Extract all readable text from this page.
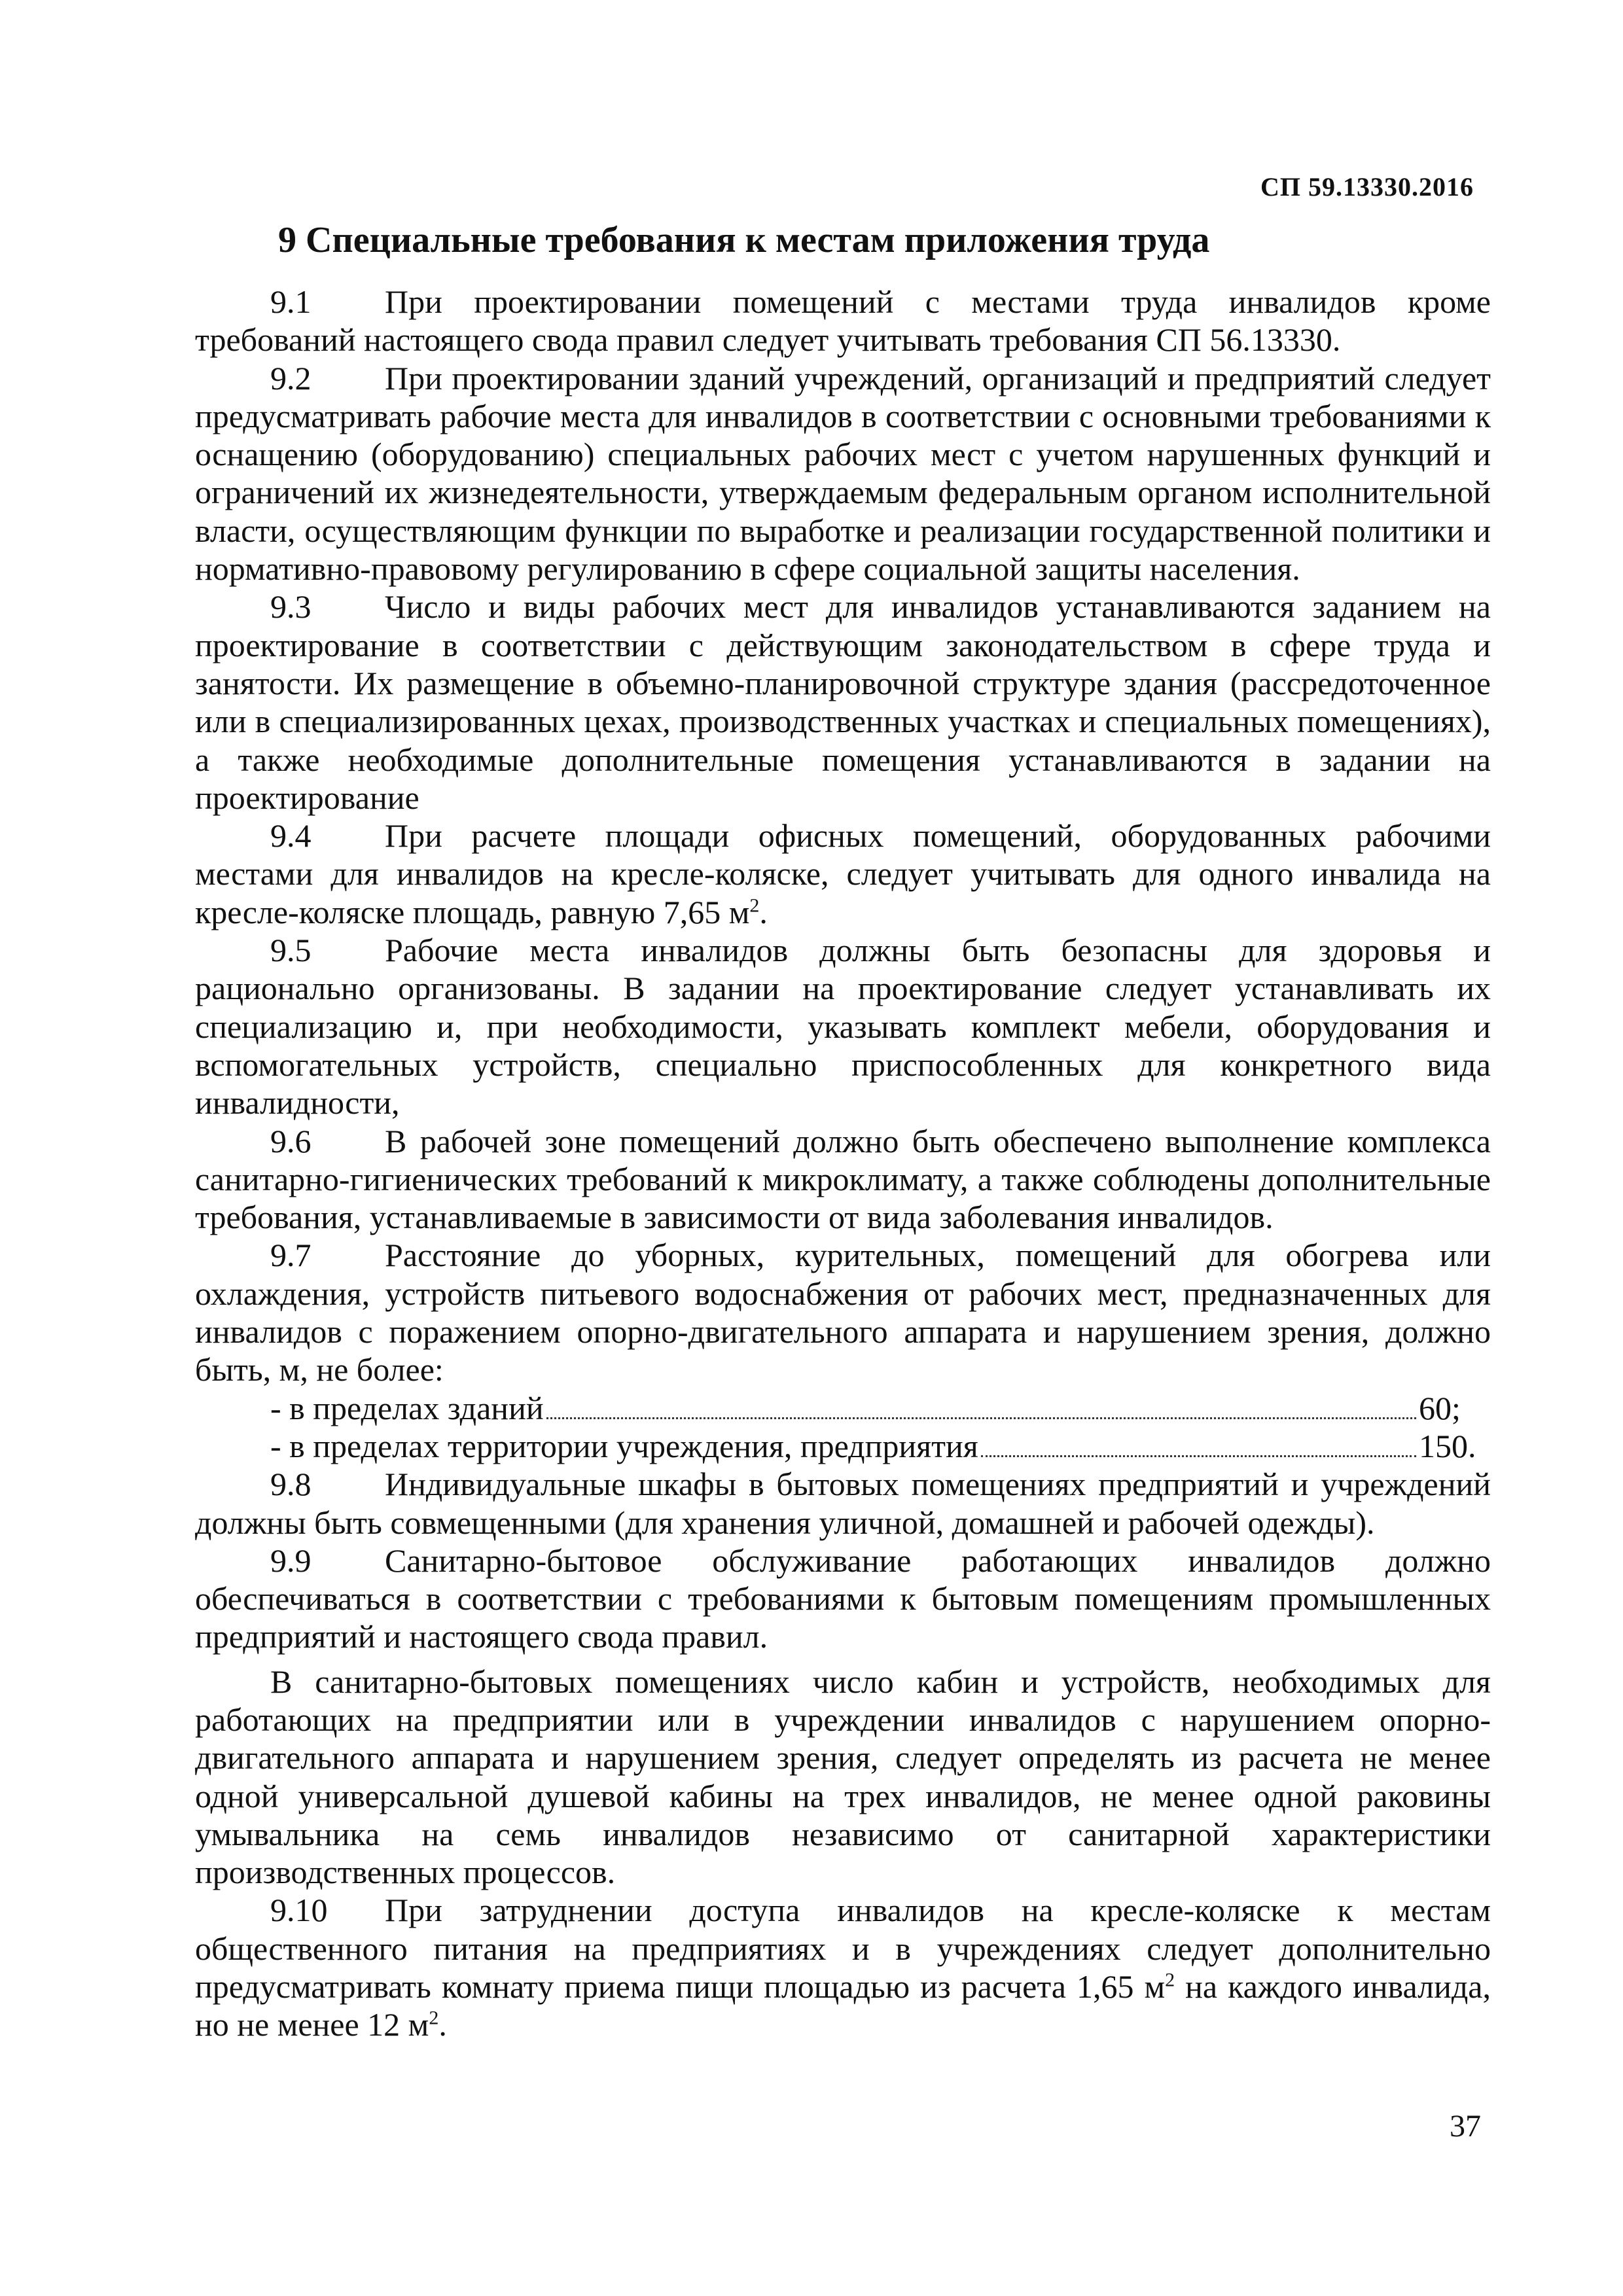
СП 59.13330.2016
9 Специальные требования к местам приложения труда

9.1 При проектировании помещений с местами труда инвалидов кроме требований настоящего свода правил следует учитывать требования СП 56.13330.

9.2 При проектировании зданий учреждений, организаций и предприятий следует предусматривать рабочие места для инвалидов в соответствии с основными требованиями к оснащению (оборудованию) специальных рабочих мест с учетом нарушенных функций и ограничений их жизнедеятельности, утверждаемым федеральным органом исполнительной власти, осуществляющим функции по выработке и реализации государственной политики и нормативно-правовому регулированию в сфере социальной защиты населения.

9.3 Число и виды рабочих мест для инвалидов устанавливаются заданием на проектирование в соответствии с действующим законодательством в сфере труда и занятости. Их размещение в объемно-планировочной структуре здания (рассредоточенное или в специализированных цехах, производственных участках и специальных помещениях), а также необходимые дополнительные помещения устанавливаются в задании на проектирование

9.4 При расчете площади офисных помещений, оборудованных рабочими местами для инвалидов на кресле-коляске, следует учитывать для одного инвалида на кресле-коляске площадь, равную 7,65 $м^2$.

9.5 Рабочие места инвалидов должны быть безопасны для здоровья и рационально организованы. В задании на проектирование следует устанавливать их специализацию и, при необходимости, указывать комплект мебели, оборудования и вспомогательных устройств, специально приспособленных для конкретного вида инвалидности,

9.6 В рабочей зоне помещений должно быть обеспечено выполнение комплекса санитарно-гигиенических требований к микроклимату, а также соблюдены дополнительные требования, устанавливаемые в зависимости от вида заболевания инвалидов.

9.7 Расстояние до уборных, курительных, помещений для обогрева или охлаждения, устройств питьевого водоснабжения от рабочих мест, предназначенных для инвалидов с поражением опорно-двигательного аппарата и нарушением зрения, должно быть, м, не более:

- в пределах зданий	60;
- в пределах территории учреждения, предприятия	150.

9.8 Индивидуальные шкафы в бытовых помещениях предприятий и учреждений должны быть совмещенными (для хранения уличной, домашней и рабочей одежды).

9.9 Санитарно-бытовое обслуживание работающих инвалидов должно обеспечиваться в соответствии с требованиями к бытовым помещениям промышленных предприятий и настоящего свода правил.

В санитарно-бытовых помещениях число кабин и устройств, необходимых для работающих на предприятии или в учреждении инвалидов с нарушением опорно-двигательного аппарата и нарушением зрения, следует определять из расчета не менее одной универсальной душевой кабины на трех инвалидов, не менее одной раковины умывальника на семь инвалидов независимо от санитарной характеристики производственных процессов.

9.10 При затруднении доступа инвалидов на кресле-коляске к местам общественного питания на предприятиях и в учреждениях следует дополнительно предусматривать комнату приема пищи площадью из расчета 1,65 $м^2$ на каждого инвалида, но не менее 12 $м^2$.

37
